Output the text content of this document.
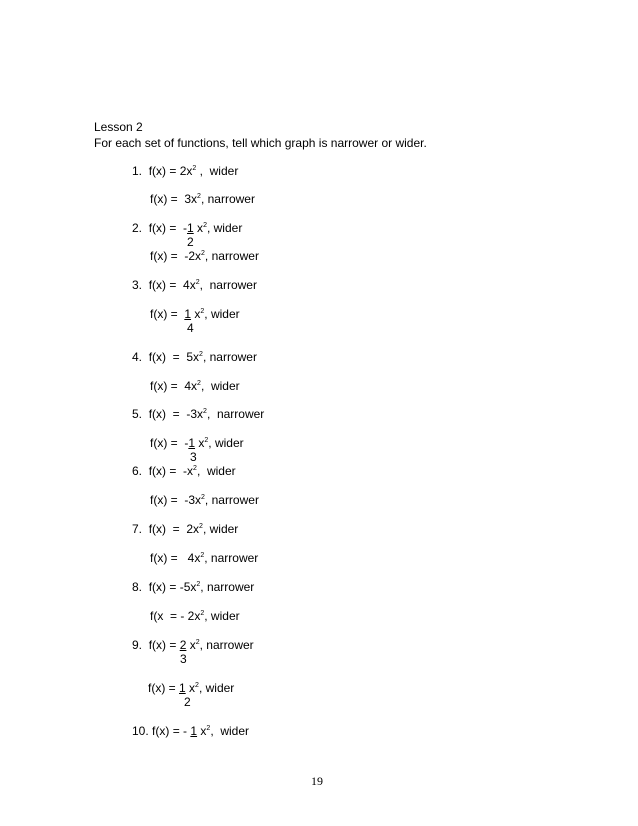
Lesson 2
For each set of functions, tell which graph is narrower or wider.
1. $f(x) = 2x^2$ ,  wider
$f(x) = 3x^2$, narrower
2. f(x) =  -1 $x^2$, wider
2
$f(x) = -2x^2$, narrower
3. $f(x) = 4x^2$,  narrower
f(x) =  1 $x^2$, wider
4
4. $f(x) = 5x^2$, narrower
$f(x) = 4x^2$,  wider
5. $f(x) = -3x^2$,  narrower
f(x) =  -1 $x^2$, wider
3
6. $f(x) = -x^2$,  wider
$f(x) = -3x^2$, narrower
7. $f(x) = 2x^2$, wider
$f(x) = 4x^2$, narrower
8. $f(x) = -5x^2$, narrower
f(x  = - $2x^2$, wider
9. f(x) = 2 $x^2$, narrower
3
f(x) = 1 $x^2$, wider
2
10. f(x) = - 1 $x^2$,  wider
19
